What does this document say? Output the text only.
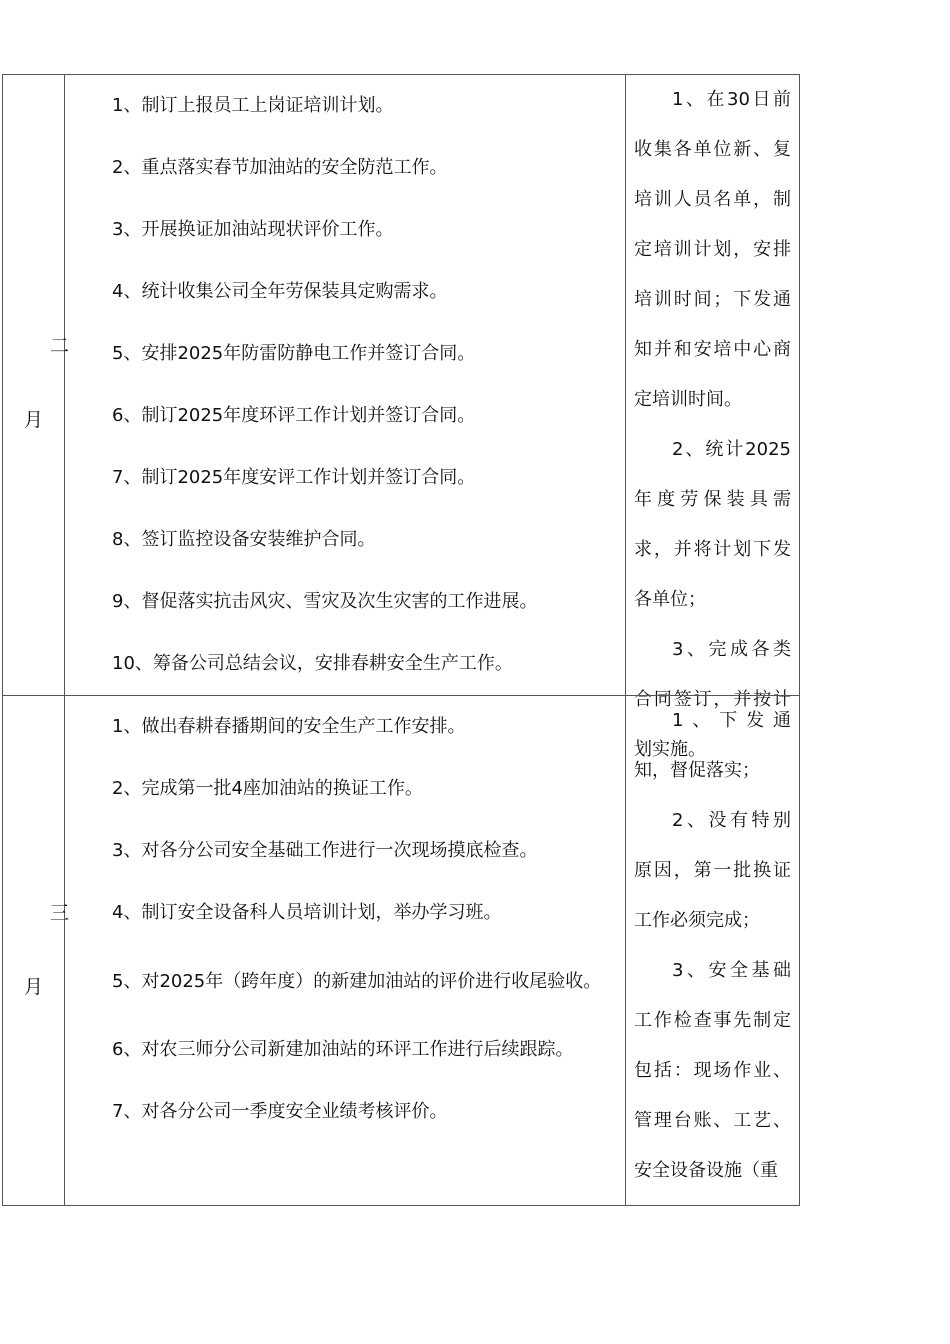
二
月

1、制订上报员工上岗证培训计划。

2、重点落实春节加油站的安全防范工作。

3、开展换证加油站现状评价工作。

4、统计收集公司全年劳保装具定购需求。

5、安排2025年防雷防静电工作并签订合同。

6、制订2025年度环评工作计划并签订合同。

7、制订2025年度安评工作计划并签订合同。

8、签订监控设备安装维护合同。

9、督促落实抗击风灾、雪灾及次生灾害的工作进展。

10、筹备公司总结会议，安排春耕安全生产工作。

1、在30日前收集各单位新、复培训人员名单，制定培训计划，安排培训时间；下发通知并和安培中心商定培训时间。

2、统计2025年度劳保装具需求，并将计划下发各单位；

3、完成各类合同签订，并按计划实施。

三
月

1、做出春耕春播期间的安全生产工作安排。

2、完成第一批4座加油站的换证工作。

3、对各分公司安全基础工作进行一次现场摸底检查。

4、制订安全设备科人员培训计划，举办学习班。

5、对2025年（跨年度）的新建加油站的评价进行收尾验收。

6、对农三师分公司新建加油站的环评工作进行后续跟踪。

7、对各分公司一季度安全业绩考核评价。

1、下发通知，督促落实；

2、没有特别原因，第一批换证工作必须完成；

3、安全基础工作检查事先制定包括：现场作业、管理台账、工艺、安全设备设施（重
